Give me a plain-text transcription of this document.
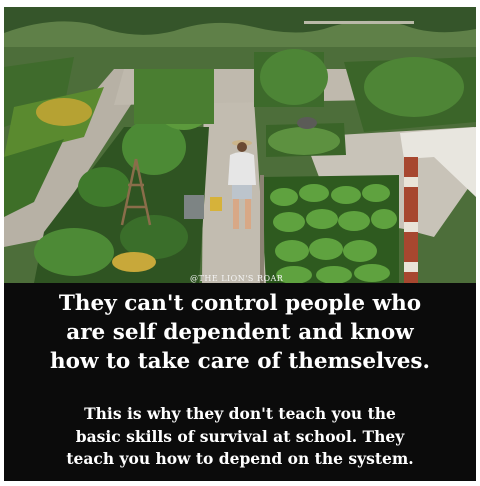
@THE LION'S ROAR

They can't control people who
are self dependent and know
how to take care of themselves.

This is why they don't teach you the
basic skills of survival at school. They
teach you how to depend on the system.
